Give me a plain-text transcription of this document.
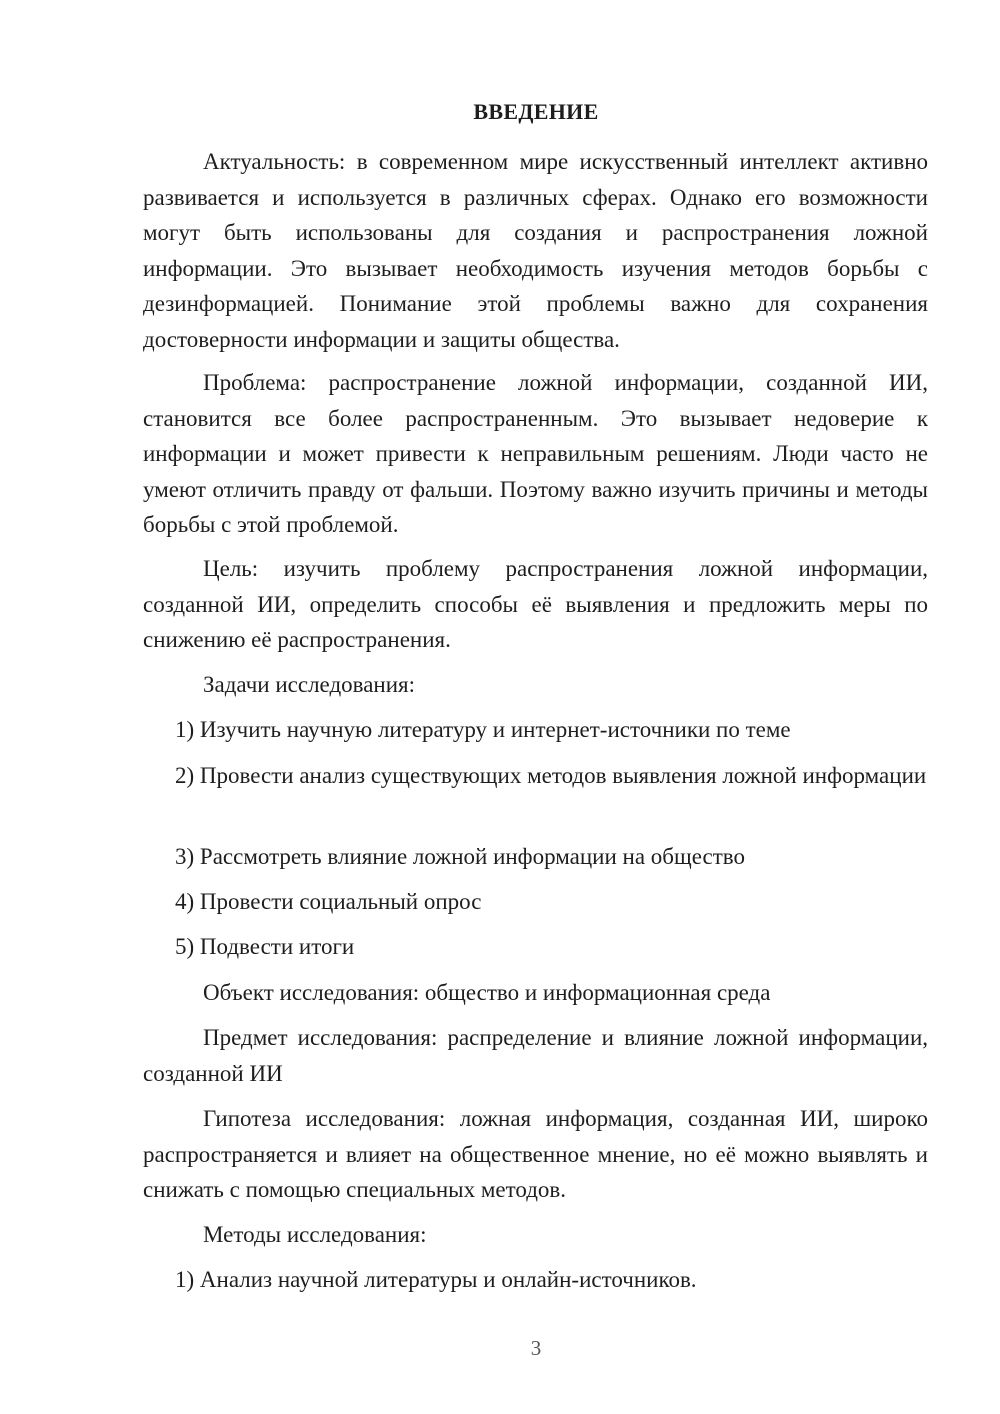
ВВЕДЕНИЕ

Актуальность: в современном мире искусственный интеллект активно развивается и используется в различных сферах. Однако его возможности могут быть использованы для создания и распространения ложной информации. Это вызывает необходимость изучения методов борьбы с дезинформацией. Понимание этой проблемы важно для сохранения достоверности информации и защиты общества.

Проблема: распространение ложной информации, созданной ИИ, становится все более распространенным. Это вызывает недоверие к информации и может привести к неправильным решениям. Люди часто не умеют отличить правду от фальши. Поэтому важно изучить причины и методы борьбы с этой проблемой.

Цель: изучить проблему распространения ложной информации, созданной ИИ, определить способы её выявления и предложить меры по снижению её распространения.

Задачи исследования:

1) Изучить научную литературу и интернет-источники по теме

2) Провести анализ существующих методов выявления ложной информации

3) Рассмотреть влияние ложной информации на общество

4) Провести социальный опрос

5) Подвести итоги

Объект исследования: общество и информационная среда

Предмет исследования: распределение и влияние ложной информации, созданной ИИ

Гипотеза исследования: ложная информация, созданная ИИ, широко распространяется и влияет на общественное мнение, но её можно выявлять и снижать с помощью специальных методов.

Методы исследования:

1) Анализ научной литературы и онлайн-источников.

3
